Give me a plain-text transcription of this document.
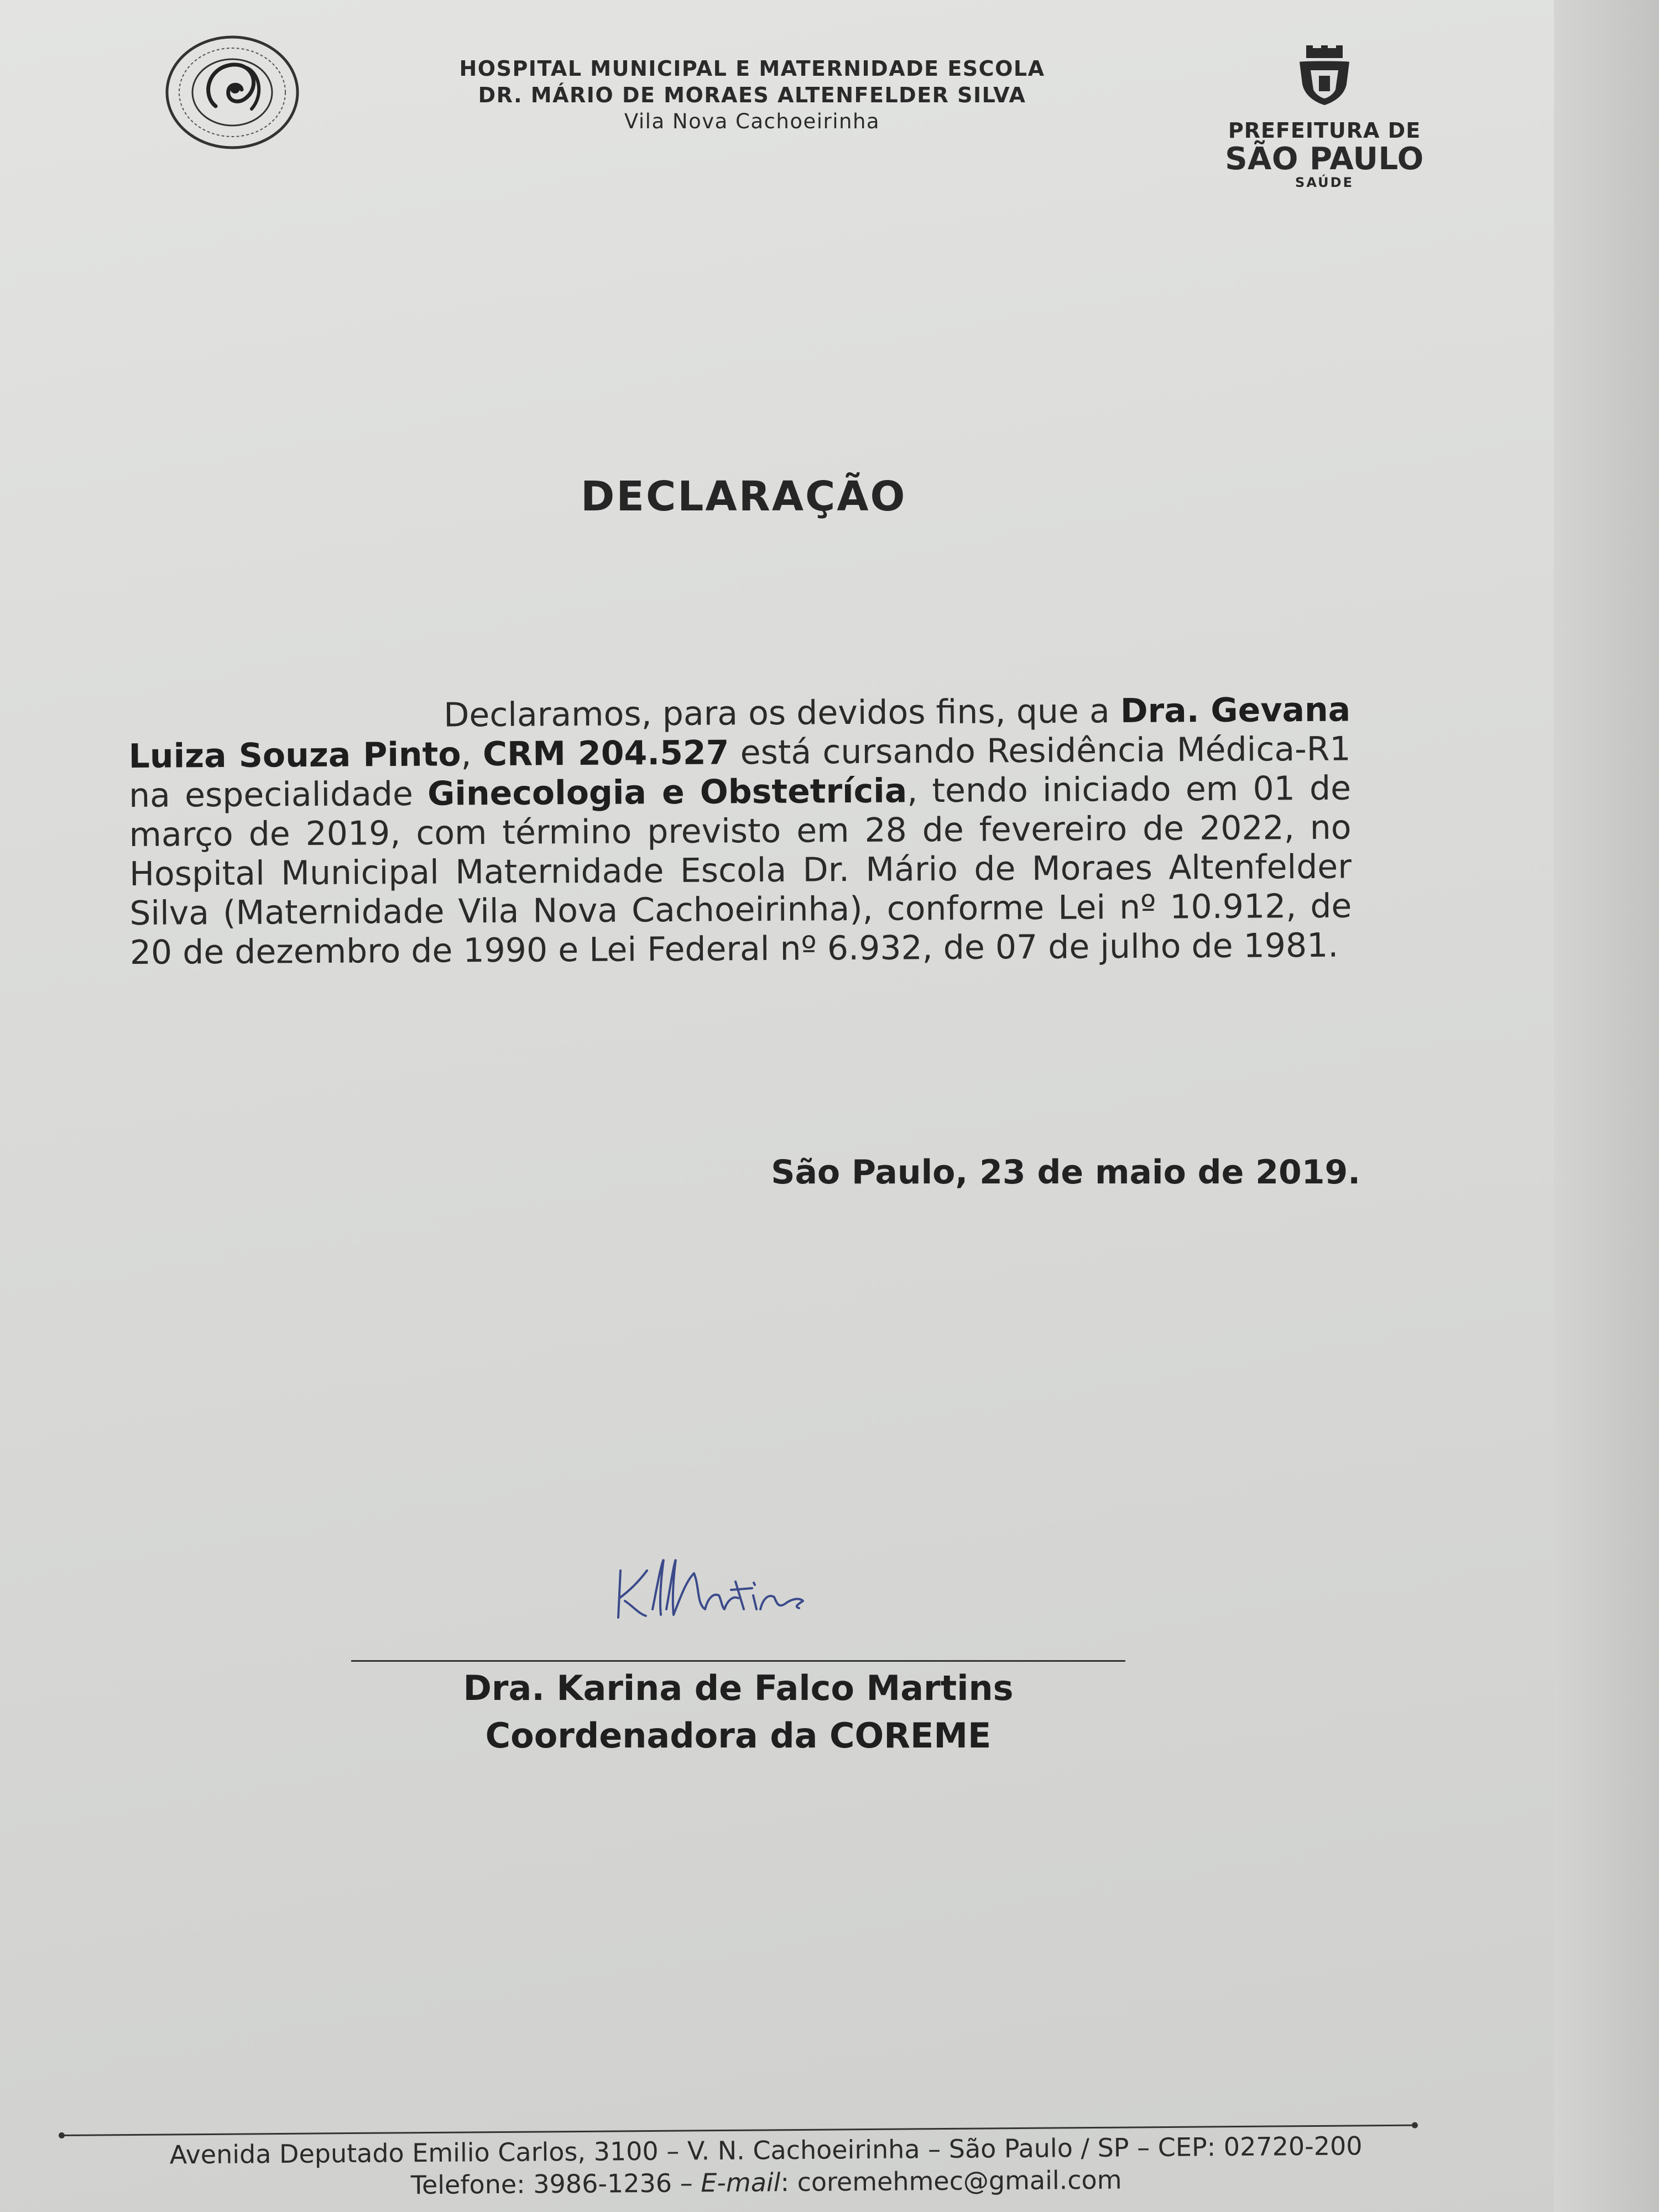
HOSPITAL MUNICIPAL E MATERNIDADE ESCOLA
DR. MÁRIO DE MORAES ALTENFELDER SILVA
Vila Nova Cachoeirinha	PREFEITURA DE
SÃO PAULO
SAÚDE
DECLARAÇÃO
Declaramos, para os devidos fins, que a Dra. Gevana Luiza Souza Pinto, CRM 204.527 está cursando Residência Médica-R1 na especialidade Ginecologia e Obstetrícia, tendo iniciado em 01 de março de 2019, com término previsto em 28 de fevereiro de 2022, no Hospital Municipal Maternidade Escola Dr. Mário de Moraes Altenfelder Silva (Maternidade Vila Nova Cachoeirinha), conforme Lei nº 10.912, de 20 de dezembro de 1990 e Lei Federal nº 6.932, de 07 de julho de 1981.
São Paulo, 23 de maio de 2019.
Dra. Karina de Falco Martins
Coordenadora da COREME
Avenida Deputado Emilio Carlos, 3100 – V. N. Cachoeirinha – São Paulo / SP – CEP: 02720-200
Telefone: 3986-1236 – E-mail: coremehmec@gmail.com
